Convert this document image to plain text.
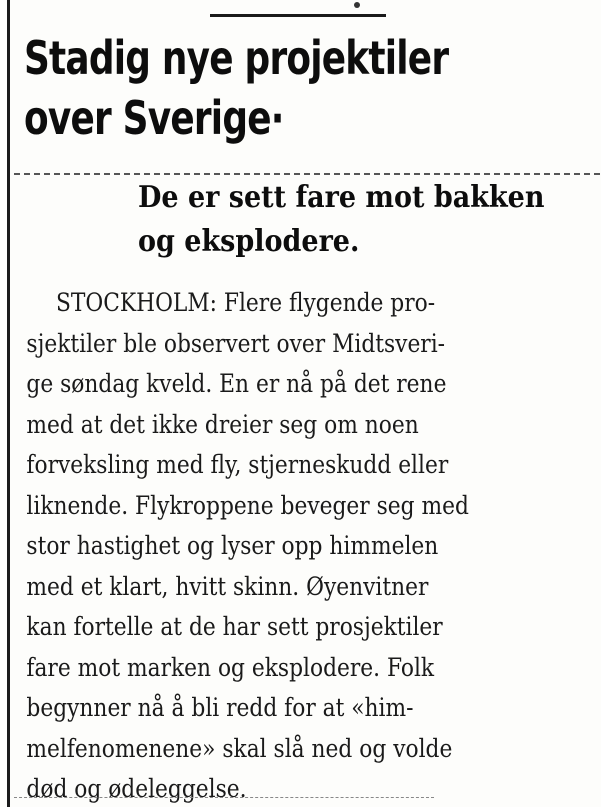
Stadig nye projektiler
over Sverige·
De er sett fare mot bakken
og eksplodere.
STOCKHOLM: Flere flygende pro-
sjektiler ble observert over Midtsveri-
ge søndag kveld. En er nå på det rene
med at det ikke dreier seg om noen
forveksling med fly, stjerneskudd eller
liknende. Flykroppene beveger seg med
stor hastighet og lyser opp himmelen
med et klart, hvitt skinn. Øyenvitner
kan fortelle at de har sett prosjektiler
fare mot marken og eksplodere. Folk
begynner nå å bli redd for at «him-
melfenomenene» skal slå ned og volde
død og ødeleggelse.
